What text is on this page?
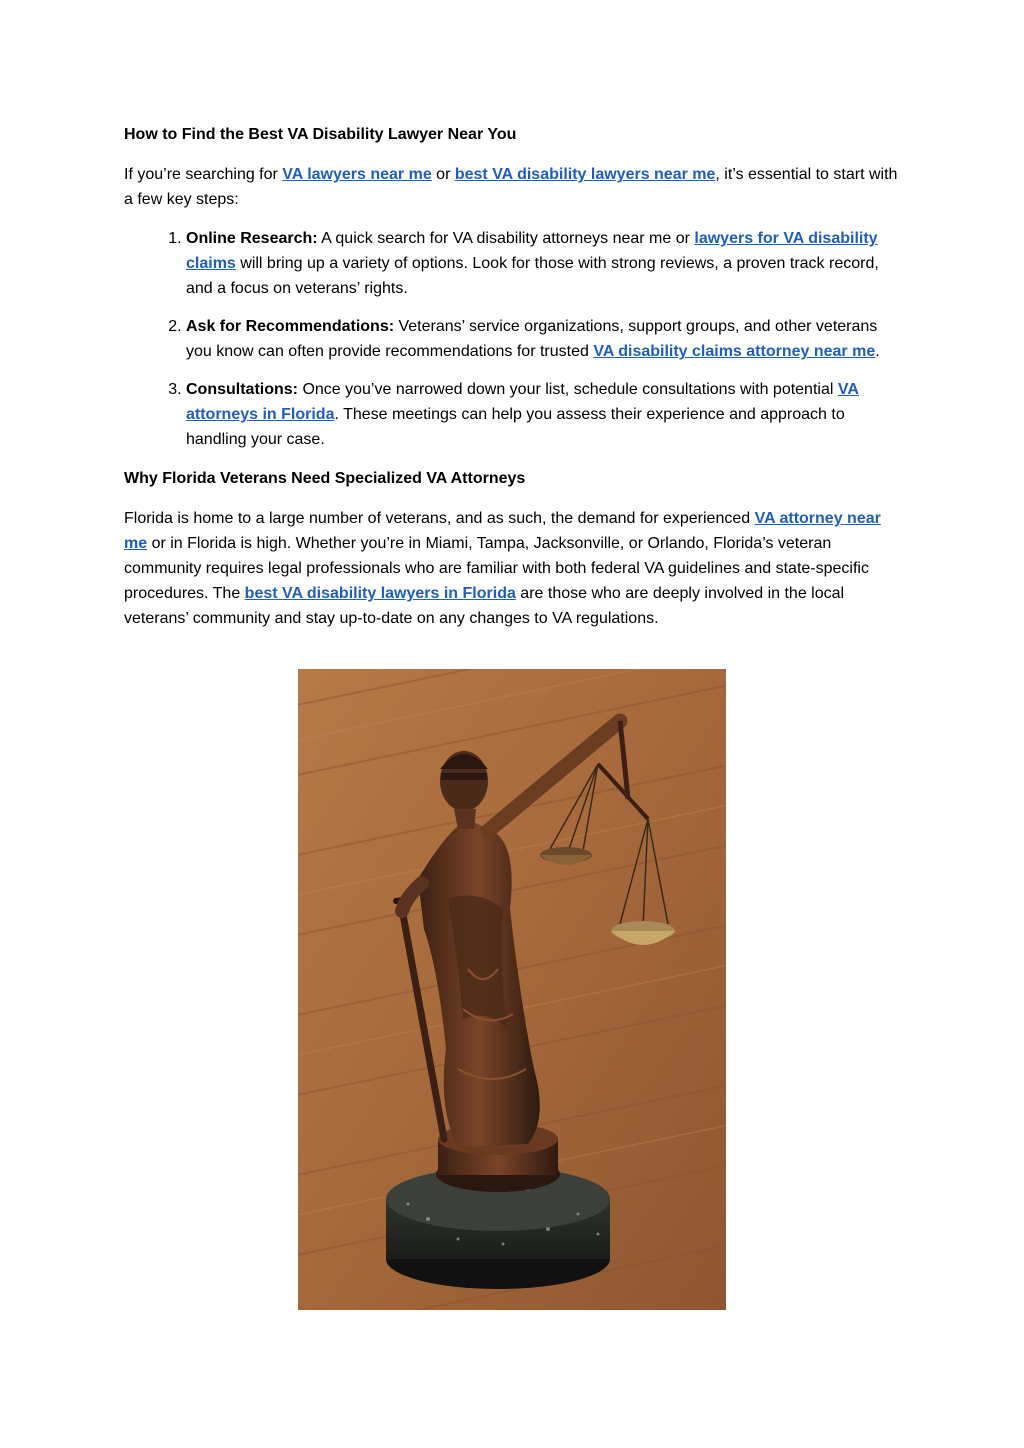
How to Find the Best VA Disability Lawyer Near You

If you’re searching for VA lawyers near me or best VA disability lawyers near me, it’s essential to start with a few key steps:

1. Online Research: A quick search for VA disability attorneys near me or lawyers for VA disability claims will bring up a variety of options. Look for those with strong reviews, a proven track record, and a focus on veterans’ rights.
2. Ask for Recommendations: Veterans’ service organizations, support groups, and other veterans you know can often provide recommendations for trusted VA disability claims attorney near me.
3. Consultations: Once you’ve narrowed down your list, schedule consultations with potential VA attorneys in Florida. These meetings can help you assess their experience and approach to handling your case.
Why Florida Veterans Need Specialized VA Attorneys

Florida is home to a large number of veterans, and as such, the demand for experienced VA attorney near me or in Florida is high. Whether you’re in Miami, Tampa, Jacksonville, or Orlando, Florida’s veteran community requires legal professionals who are familiar with both federal VA guidelines and state-specific procedures. The best VA disability lawyers in Florida are those who are deeply involved in the local veterans’ community and stay up-to-date on any changes to VA regulations.
